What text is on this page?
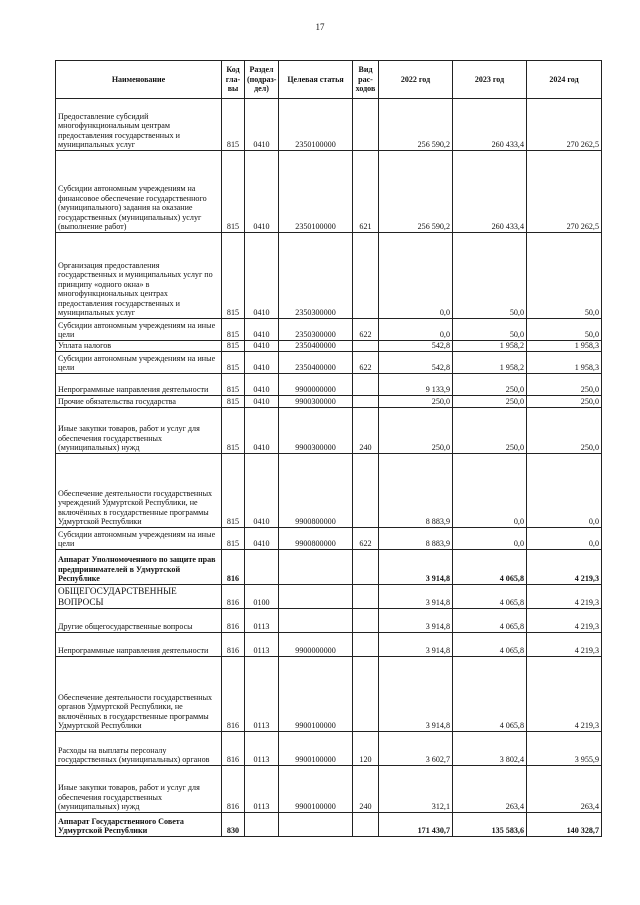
17
Наименование	Код гла- вы	Раздел (подраз- дел)	Целевая статья	Вид рас- ходов	2022 год	2023 год	2024 год
Предоставление субсидий многофункциональным центрам предоставления государственных и муниципальных услуг	815	0410	2350100000		256 590,2	260 433,4	270 262,5
Субсидии автономным учреждениям на финансовое обеспечение государственного (муниципального) задания на оказание государственных (муниципальных) услуг (выполнение работ)	815	0410	2350100000	621	256 590,2	260 433,4	270 262,5
Организация предоставления государственных и муниципальных услуг по принципу «одного окна» в многофункциональных центрах предоставления государственных и муниципальных услуг	815	0410	2350300000		0,0	50,0	50,0
Субсидии автономным учреждениям на иные цели	815	0410	2350300000	622	0,0	50,0	50,0
Уплата налогов	815	0410	2350400000		542,8	1 958,2	1 958,3
Субсидии автономным учреждениям на иные цели	815	0410	2350400000	622	542,8	1 958,2	1 958,3
Непрограммные направления деятельности	815	0410	9900000000		9 133,9	250,0	250,0
Прочие обязательства государства	815	0410	9900300000		250,0	250,0	250,0
Иные закупки товаров, работ и услуг для обеспечения государственных (муниципальных) нужд	815	0410	9900300000	240	250,0	250,0	250,0
Обеспечение деятельности государственных учреждений Удмуртской Республики, не включённых в государственные программы Удмуртской Республики	815	0410	9900800000		8 883,9	0,0	0,0
Субсидии автономным учреждениям на иные цели	815	0410	9900800000	622	8 883,9	0,0	0,0
Аппарат Уполномоченного по защите прав предпринимателей в Удмуртской Республике	816				3 914,8	4 065,8	4 219,3
ОБЩЕГОСУДАРСТВЕННЫЕ ВОПРОСЫ	816	0100			3 914,8	4 065,8	4 219,3
Другие общегосударственные вопросы	816	0113			3 914,8	4 065,8	4 219,3
Непрограммные направления деятельности	816	0113	9900000000		3 914,8	4 065,8	4 219,3
Обеспечение деятельности государственных органов Удмуртской Республики, не включённых в государственные программы Удмуртской Республики	816	0113	9900100000		3 914,8	4 065,8	4 219,3
Расходы на выплаты персоналу государственных (муниципальных) органов	816	0113	9900100000	120	3 602,7	3 802,4	3 955,9
Иные закупки товаров, работ и услуг для обеспечения государственных (муниципальных) нужд	816	0113	9900100000	240	312,1	263,4	263,4
Аппарат Государственного Совета Удмуртской Республики	830				171 430,7	135 583,6	140 328,7
